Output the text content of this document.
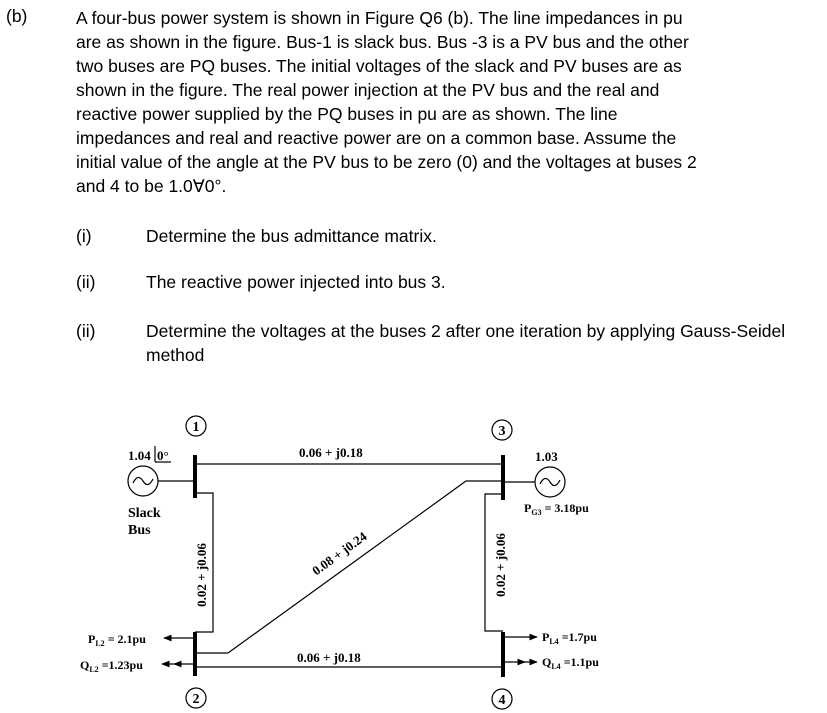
(b)	A four-bus power system is shown in Figure Q6 (b). The line impedances in pu
are as shown in the figure. Bus-1 is slack bus. Bus -3 is a PV bus and the other
two buses are PQ buses. The initial voltages of the slack and PV buses are as
shown in the figure. The real power injection at the PV bus and the real and
reactive power supplied by the PQ buses in pu are as shown. The line
impedances and real and reactive power are on a common base. Assume the
initial value of the angle at the PV bus to be zero (0) and the voltages at buses 2
and 4 to be 1.0∀0°.
(i)	Determine the bus admittance matrix.
(ii)	The reactive power injected into bus 3.
(ii)	Determine the voltages at the buses 2 after one iteration by applying Gauss-Seidel method
1
2
3
4
1.04 0°
Slack
Bus
1.03
0.06 + j0.18
0.06 + j0.18
0.02 + j0.06	0.02 + j0.06
0.08 + j0.24
$P_{G3} = 3.18pu$
$P_{L2} = 2.1pu$
$Q_{L2} =1.23pu$
$P_{L4} =1.7pu$
$Q_{L4} =1.1pu$
